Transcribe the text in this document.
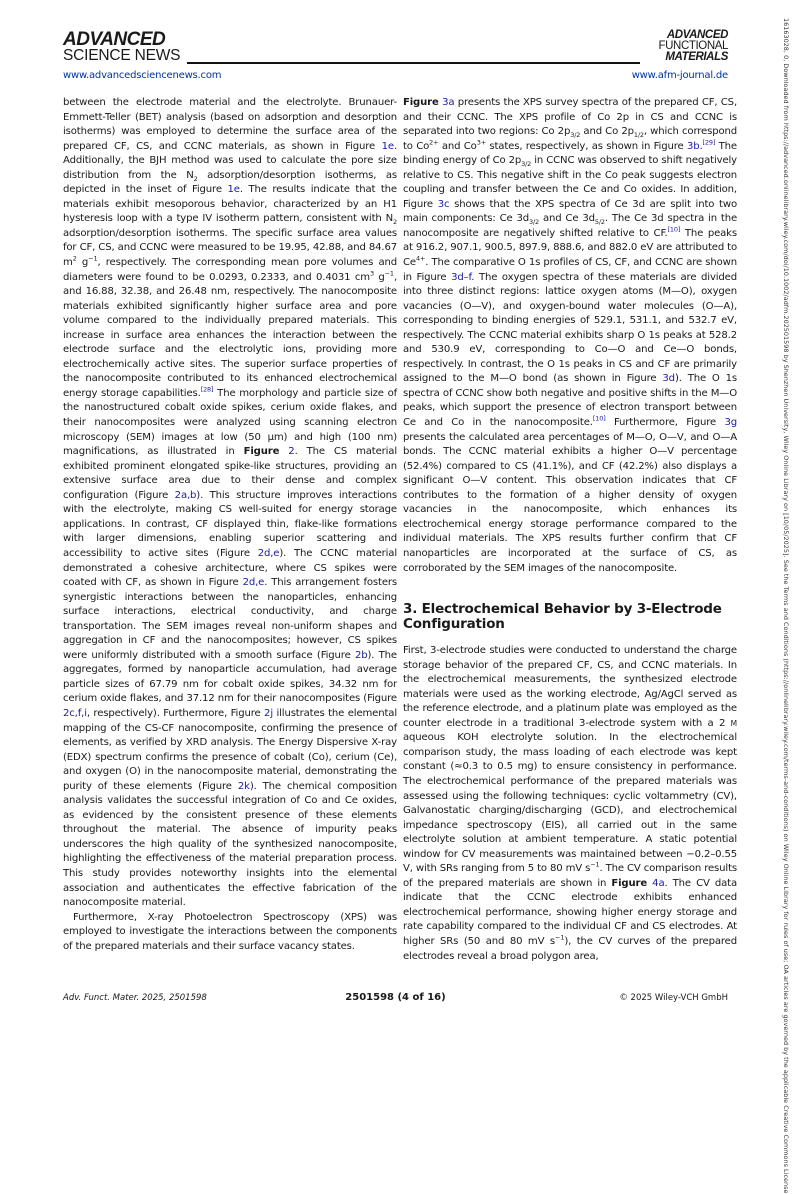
ADVANCED
SCIENCE NEWS
ADVANCED
FUNCTIONAL
MATERIALS
www.advancedsciencenews.com	www.afm-journal.de

between the electrode material and the electrolyte. Brunauer-Emmett-Teller (BET) analysis (based on adsorption and desorption isotherms) was employed to determine the surface area of the prepared CF, CS, and CCNC materials, as shown in Figure 1e. Additionally, the BJH method was used to calculate the pore size distribution from the $N_2$ adsorption/desorption isotherms, as depicted in the inset of Figure 1e. The results indicate that the materials exhibit mesoporous behavior, characterized by an H1 hysteresis loop with a type IV isotherm pattern, consistent with $N_2$ adsorption/desorption isotherms. The specific surface area values for CF, CS, and CCNC were measured to be 19.95, 42.88, and 84.67 $m^2$ $g^{-1}$, respectively. The corresponding mean pore volumes and diameters were found to be 0.0293, 0.2333, and 0.4031 $cm^3$ $g^{-1}$, and 16.88, 32.38, and 26.48 nm, respectively. The nanocomposite materials exhibited significantly higher surface area and pore volume compared to the individually prepared materials. This increase in surface area enhances the interaction between the electrode surface and the electrolytic ions, providing more electrochemically active sites. The superior surface properties of the nanocomposite contributed to its enhanced electrochemical energy storage capabilities.[28] The morphology and particle size of the nanostructured cobalt oxide spikes, cerium oxide flakes, and their nanocomposites were analyzed using scanning electron microscopy (SEM) images at low (50 µm) and high (100 nm) magnifications, as illustrated in Figure 2. The CS material exhibited prominent elongated spike-like structures, providing an extensive surface area due to their dense and complex configuration (Figure 2a,b). This structure improves interactions with the electrolyte, making CS well-suited for energy storage applications. In contrast, CF displayed thin, flake-like formations with larger dimensions, enabling superior scattering and accessibility to active sites (Figure 2d,e). The CCNC material demonstrated a cohesive architecture, where CS spikes were coated with CF, as shown in Figure 2d,e. This arrangement fosters synergistic interactions between the nanoparticles, enhancing surface interactions, electrical conductivity, and charge transportation. The SEM images reveal non-uniform shapes and aggregation in CF and the nanocomposites; however, CS spikes were uniformly distributed with a smooth surface (Figure 2b). The aggregates, formed by nanoparticle accumulation, had average particle sizes of 67.79 nm for cobalt oxide spikes, 34.32 nm for cerium oxide flakes, and 37.12 nm for their nanocomposites (Figure 2c,f,i, respectively). Furthermore, Figure 2j illustrates the elemental mapping of the CS-CF nanocomposite, confirming the presence of elements, as verified by XRD analysis. The Energy Dispersive X-ray (EDX) spectrum confirms the presence of cobalt (Co), cerium (Ce), and oxygen (O) in the nanocomposite material, demonstrating the purity of these elements (Figure 2k). The chemical composition analysis validates the successful integration of Co and Ce oxides, as evidenced by the consistent presence of these elements throughout the material. The absence of impurity peaks underscores the high quality of the synthesized nanocomposite, highlighting the effectiveness of the material preparation process. This study provides noteworthy insights into the elemental association and authenticates the effective fabrication of the nanocomposite material.

Furthermore, X-ray Photoelectron Spectroscopy (XPS) was employed to investigate the interactions between the components of the prepared materials and their surface vacancy states.

Figure 3a presents the XPS survey spectra of the prepared CF, CS, and their CCNC. The XPS profile of Co 2p in CS and CCNC is separated into two regions: Co $2p_{3/2}$ and Co $2p_{1/2}$, which correspond to $Co^{2+}$ and $Co^{3+}$ states, respectively, as shown in Figure 3b.[29] The binding energy of Co $2p_{3/2}$ in CCNC was observed to shift negatively relative to CS. This negative shift in the Co peak suggests electron coupling and transfer between the Ce and Co oxides. In addition, Figure 3c shows that the XPS spectra of Ce 3d are split into two main components: Ce $3d_{3/2}$ and Ce $3d_{5/2}$. The Ce 3d spectra in the nanocomposite are negatively shifted relative to CF.[10] The peaks at 916.2, 907.1, 900.5, 897.9, 888.6, and 882.0 eV are attributed to $Ce^{4+}$. The comparative O 1s profiles of CS, CF, and CCNC are shown in Figure 3d–f. The oxygen spectra of these materials are divided into three distinct regions: lattice oxygen atoms (M—O), oxygen vacancies (O—V), and oxygen-bound water molecules (O—A), corresponding to binding energies of 529.1, 531.1, and 532.7 eV, respectively. The CCNC material exhibits sharp O 1s peaks at 528.2 and 530.9 eV, corresponding to Co—O and Ce—O bonds, respectively. In contrast, the O 1s peaks in CS and CF are primarily assigned to the M—O bond (as shown in Figure 3d). The O 1s spectra of CCNC show both negative and positive shifts in the M—O peaks, which support the presence of electron transport between Ce and Co in the nanocomposite.[10] Furthermore, Figure 3g presents the calculated area percentages of M—O, O—V, and O—A bonds. The CCNC material exhibits a higher O—V percentage (52.4%) compared to CS (41.1%), and CF (42.2%) also displays a significant O—V content. This observation indicates that CF contributes to the formation of a higher density of oxygen vacancies in the nanocomposite, which enhances its electrochemical energy storage performance compared to the individual materials. The XPS results further confirm that CF nanoparticles are incorporated at the surface of CS, as corroborated by the SEM images of the nanocomposite.

3. Electrochemical Behavior by 3-Electrode Configuration

First, 3-electrode studies were conducted to understand the charge storage behavior of the prepared CF, CS, and CCNC materials. In the electrochemical measurements, the synthesized electrode materials were used as the working electrode, Ag/AgCl served as the reference electrode, and a platinum plate was employed as the counter electrode in a traditional 3-electrode system with a 2 M aqueous KOH electrolyte solution. In the electrochemical comparison study, the mass loading of each electrode was kept constant (≈0.3 to 0.5 mg) to ensure consistency in performance. The electrochemical performance of the prepared materials was assessed using the following techniques: cyclic voltammetry (CV), Galvanostatic charging/discharging (GCD), and electrochemical impedance spectroscopy (EIS), all carried out in the same electrolyte solution at ambient temperature. A static potential window for CV measurements was maintained between −0.2–0.55 V, with SRs ranging from 5 to 80 mV $s^{-1}$. The CV comparison results of the prepared materials are shown in Figure 4a. The CV data indicate that the CCNC electrode exhibits enhanced electrochemical performance, showing higher energy storage and rate capability compared to the individual CF and CS electrodes. At higher SRs (50 and 80 mV $s^{-1}$), the CV curves of the prepared electrodes reveal a broad polygon area,

Adv. Funct. Mater. 2025, 2501598	2501598 (4 of 16)	© 2025 Wiley-VCH GmbH	16163028, 0, Downloaded from https://advanced.onlinelibrary.wiley.com/doi/10.1002/adfm.202501598 by Shenzhen University, Wiley Online Library on [10/05/2025]. See the Terms and Conditions (https://onlinelibrary.wiley.com/terms-and-conditions) on Wiley Online Library for rules of use; OA articles are governed by the applicable Creative Commons License
